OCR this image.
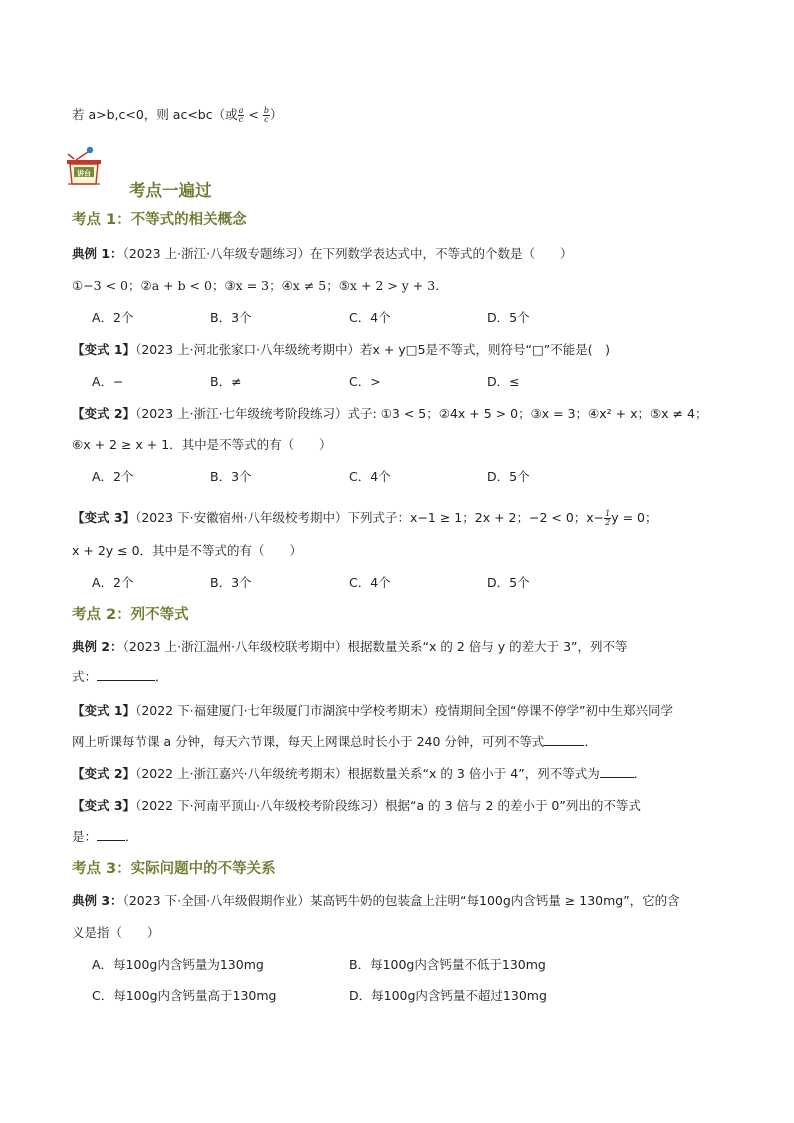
若 a>b,c<0，则 ac<bc（或 $\frac{a}{c} < \frac{b}{c}$ ）
讲台
考点一遍过
考点 1：不等式的相关概念
典例 1：（2023 上·浙江·八年级专题练习）在下列数学表达式中，不等式的个数是（　　）
①−3 < 0；②a + b < 0；③x = 3；④x ≠ 5；⑤x + 2 > y + 3．
A．2个	B．3个	C．4个	D．5个
【变式 1】（2023 上·河北张家口·八年级统考期中）若x + y□5是不等式，则符号“□”不能是(　)
A．−	B．≠	C．>	D．≤
【变式 2】（2023 上·浙江·七年级统考阶段练习）式子: ①3 < 5；②4x + 5 > 0；③x = 3；④x² + x；⑤x ≠ 4；
⑥x + 2 ≥ x + 1．其中是不等式的有（　　）
A．2个	B．3个	C．4个	D．5个
【变式 3】（2023 下·安徽宿州·八年级校考期中）下列式子：x−1 ≥ 1；2x + 2；−2 < 0；$x- \frac{1}{2}$ y = 0；
x + 2y ≤ 0．其中是不等式的有（　　）
A．2个	B．3个	C．4个	D．5个
考点 2：列不等式
典例 2：（2023 上·浙江温州·八年级校联考期中）根据数量关系“x 的 2 倍与 y 的差大于 3”，列不等
式：	．
【变式 1】（2022 下·福建厦门·七年级厦门市湖滨中学校考期末）疫情期间全国“停课不停学”初中生郑兴同学
网上听课每节课 a 分钟，每天六节课，每天上网课总时长小于 240 分钟，可列不等式	．
【变式 2】（2022 上·浙江嘉兴·八年级统考期末）根据数量关系“x 的 3 倍小于 4”，列不等式为	．
【变式 3】（2022 下·河南平顶山·八年级校考阶段练习）根据“a 的 3 倍与 2 的差小于 0”列出的不等式
是： ．
考点 3：实际问题中的不等关系
典例 3：（2023 下·全国·八年级假期作业）某高钙牛奶的包装盒上注明“每100g内含钙量 ≥ 130mg”，它的含
义是指（　　）
A．每100g内含钙量为130mg	B．每100g内含钙量不低于130mg
C．每100g内含钙量高于130mg	D．每100g内含钙量不超过130mg
